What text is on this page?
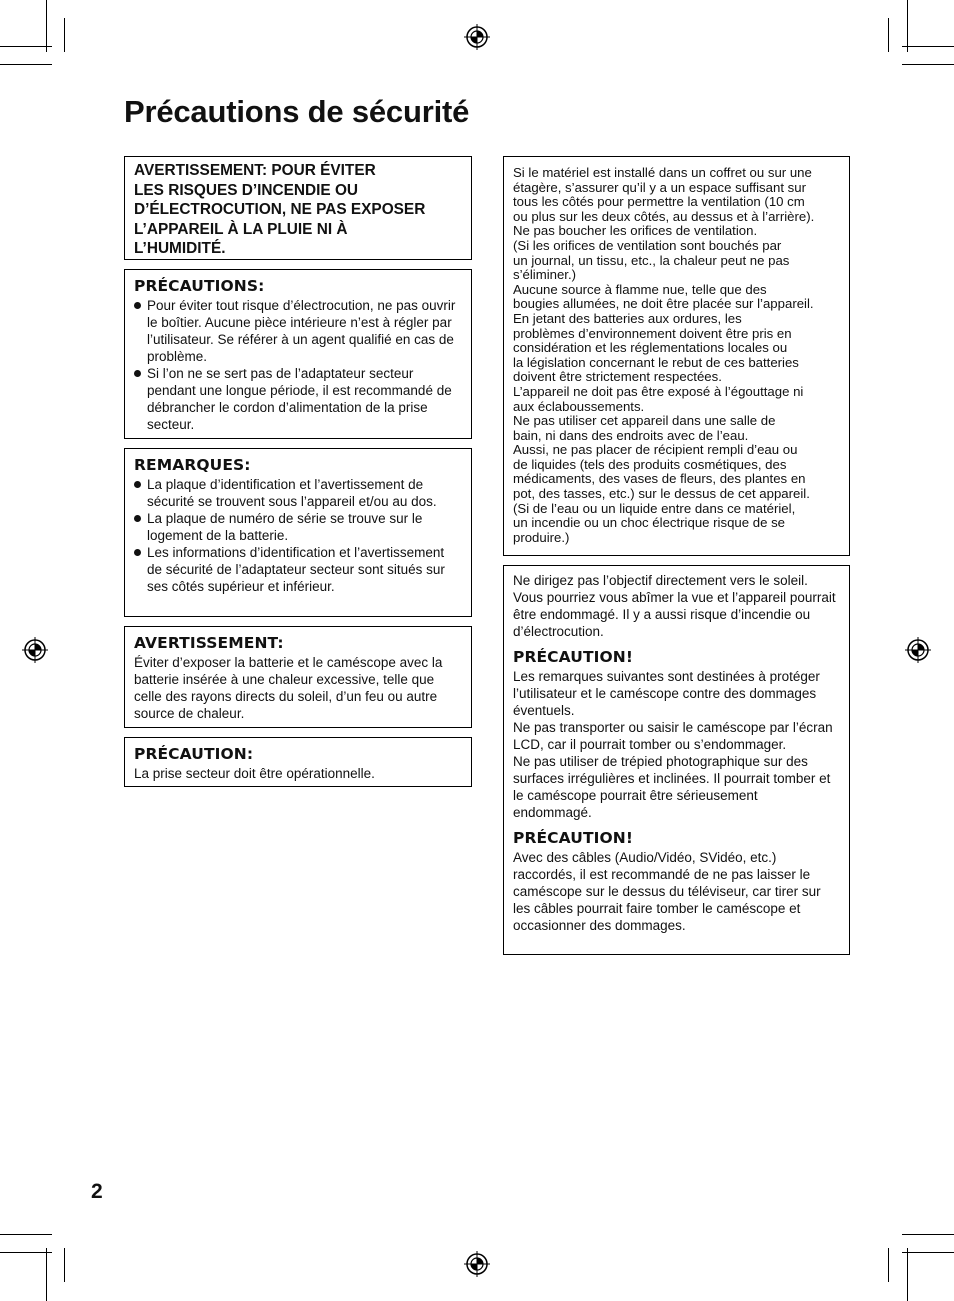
Précautions de sécurité

AVERTISSEMENT: POUR ÉVITER

LES RISQUES D’INCENDIE OU

D’ÉLECTROCUTION, NE PAS EXPOSER

L’APPAREIL À LA PLUIE NI À

L’HUMIDITÉ.

PRÉCAUTIONS:

Pour éviter tout risque d’électrocution, ne pas ouvrir le boîtier. Aucune pièce intérieure n’est à régler par l’utilisateur. Se référer à un agent qualifié en cas de problème.
Si l’on ne se sert pas de l’adaptateur secteur pendant une longue période, il est recommandé de débrancher le cordon d’alimentation de la prise secteur.

REMARQUES:

La plaque d’identification et l’avertissement de sécurité se trouvent sous l’appareil et/ou au dos.
La plaque de numéro de série se trouve sur le logement de la batterie.
Les informations d’identification et l’avertissement de sécurité de l’adaptateur secteur sont situés sur ses côtés supérieur et inférieur.

AVERTISSEMENT:

Éviter d’exposer la batterie et le caméscope avec la batterie insérée à une chaleur excessive, telle que celle des rayons directs du soleil, d’un feu ou autre source de chaleur.

PRÉCAUTION:

La prise secteur doit être opérationnelle.

Si le matériel est installé dans un coffret ou sur une

étagère, s’assurer qu’il y a un espace suffisant sur

tous les côtés pour permettre la ventilation (10 cm

ou plus sur les deux côtés, au dessus et à l’arrière).

Ne pas boucher les orifices de ventilation.

(Si les orifices de ventilation sont bouchés par

un journal, un tissu, etc., la chaleur peut ne pas

s’éliminer.)

Aucune source à flamme nue, telle que des

bougies allumées, ne doit être placée sur l’appareil.

En jetant des batteries aux ordures, les

problèmes d’environnement doivent être pris en

considération et les réglementations locales ou

la législation concernant le rebut de ces batteries

doivent être strictement respectées.

L’appareil ne doit pas être exposé à l’égouttage ni

aux éclaboussements.

Ne pas utiliser cet appareil dans une salle de

bain, ni dans des endroits avec de l’eau.

Aussi, ne pas placer de récipient rempli d’eau ou

de liquides (tels des produits cosmétiques, des

médicaments, des vases de fleurs, des plantes en

pot, des tasses, etc.) sur le dessus de cet appareil.

(Si de l’eau ou un liquide entre dans ce matériel,

un incendie ou un choc électrique risque de se

produire.)

Ne dirigez pas l’objectif directement vers le soleil. Vous pourriez vous abîmer la vue et l’appareil pourrait être endommagé. Il y a aussi risque d’incendie ou d’électrocution.

PRÉCAUTION!

Les remarques suivantes sont destinées à protéger l’utilisateur et le caméscope contre des dommages éventuels.

Ne pas transporter ou saisir le caméscope par l’écran LCD, car il pourrait tomber ou s’endommager.

Ne pas utiliser de trépied photographique sur des surfaces irrégulières et inclinées. Il pourrait tomber et le caméscope pourrait être sérieusement endommagé.

PRÉCAUTION!

Avec des câbles (Audio/Vidéo, SVidéo, etc.) raccordés, il est recommandé de ne pas laisser le caméscope sur le dessus du téléviseur, car tirer sur les câbles pourrait faire tomber le caméscope et occasionner des dommages.

2
